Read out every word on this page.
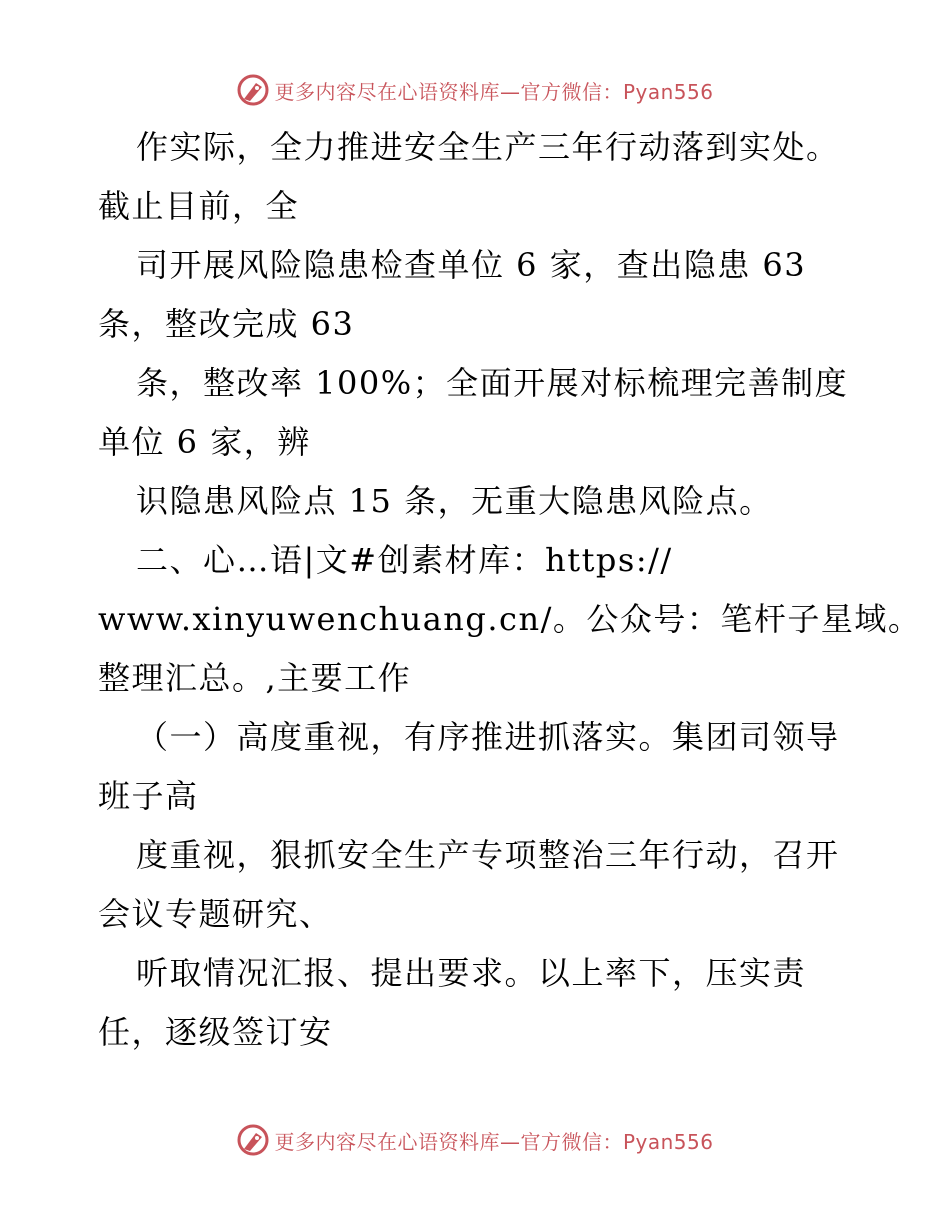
更多内容尽在心语资料库—官方微信：Pyan556
作实际，全力推进安全生产三年行动落到实处。
截止目前，全
司开展风险隐患检查单位 6 家，查出隐患 63
条，整改完成 63
条，整改率 100%；全面开展对标梳理完善制度
单位 6 家，辨
识隐患风险点 15 条，无重大隐患风险点。
二、心…语|文#创素材库：https://
www.xinyuwenchuang.cn/。公众号：笔杆子星域。
整理汇总。,主要工作
（一）高度重视，有序推进抓落实。集团司领导
班子高
度重视，狠抓安全生产专项整治三年行动，召开
会议专题研究、
听取情况汇报、提出要求。以上率下，压实责
任，逐级签订安
更多内容尽在心语资料库—官方微信：Pyan556
